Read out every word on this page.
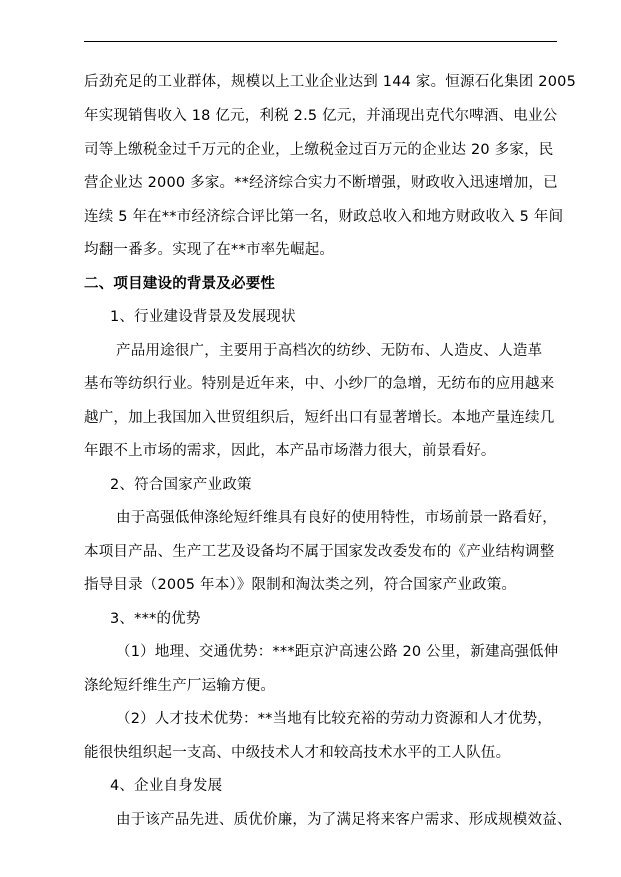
后劲充足的工业群体，规模以上工业企业达到 144 家。恒源石化集团 2005
年实现销售收入 18 亿元，利税 2.5 亿元，并涌现出克代尔啤酒、电业公
司等上缴税金过千万元的企业，上缴税金过百万元的企业达 20 多家，民
营企业达 2000 多家。**经济综合实力不断增强，财政收入迅速增加，已
连续 5 年在**市经济综合评比第一名，财政总收入和地方财政收入 5 年间
均翻一番多。实现了在**市率先崛起。
二、项目建设的背景及必要性
1、行业建设背景及发展现状
产品用途很广，主要用于高档次的纺纱、无防布、人造皮、人造革
基布等纺织行业。特别是近年来，中、小纱厂的急增，无纺布的应用越来
越广，加上我国加入世贸组织后，短纤出口有显著增长。本地产量连续几
年跟不上市场的需求，因此，本产品市场潜力很大，前景看好。
2、符合国家产业政策
由于高强低伸涤纶短纤维具有良好的使用特性，市场前景一路看好，
本项目产品、生产工艺及设备均不属于国家发改委发布的《产业结构调整
指导目录（2005 年本）》限制和淘汰类之列，符合国家产业政策。
3、***的优势
（1）地理、交通优势：***距京沪高速公路 20 公里，新建高强低伸
涤纶短纤维生产厂运输方便。
（2）人才技术优势：**当地有比较充裕的劳动力资源和人才优势，
能很快组织起一支高、中级技术人才和较高技术水平的工人队伍。
4、企业自身发展
由于该产品先进、质优价廉，为了满足将来客户需求、形成规模效益、
